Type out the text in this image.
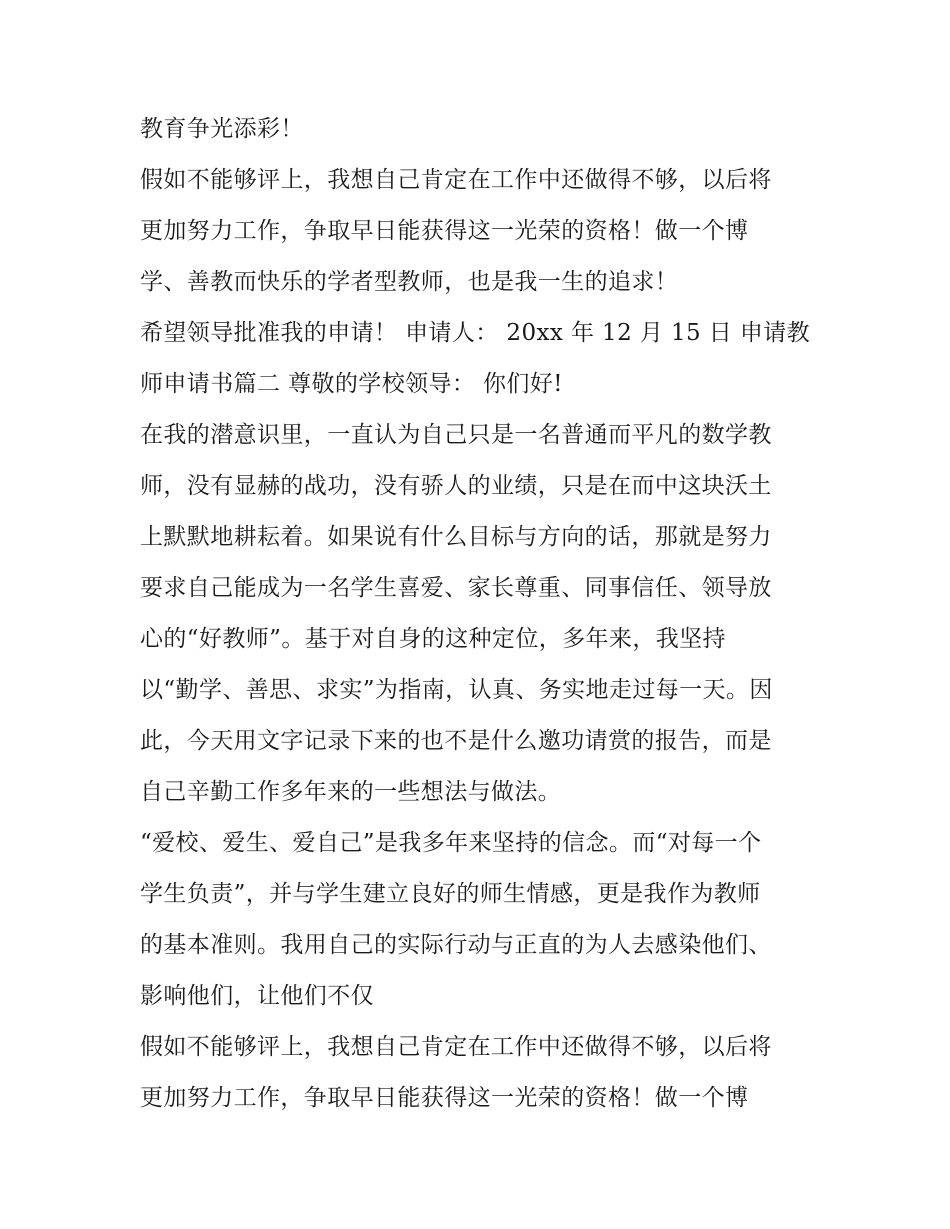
教育争光添彩！
假如不能够评上，我想自己肯定在工作中还做得不够，以后将
更加努力工作，争取早日能获得这一光荣的资格！做一个博
学、善教而快乐的学者型教师，也是我一生的追求！
希望领导批准我的申请！ 申请人： 20xx 年 12 月 15 日 申请教
师申请书篇二 尊敬的学校领导： 你们好!
在我的潜意识里，一直认为自己只是一名普通而平凡的数学教
师，没有显赫的战功，没有骄人的业绩，只是在而中这块沃土
上默默地耕耘着。如果说有什么目标与方向的话，那就是努力
要求自己能成为一名学生喜爱、家长尊重、同事信任、领导放
心的“好教师”。基于对自身的这种定位，多年来，我坚持
以“勤学、善思、求实”为指南，认真、务实地走过每一天。因
此，今天用文字记录下来的也不是什么邀功请赏的报告，而是
自己辛勤工作多年来的一些想法与做法。
“爱校、爱生、爱自己”是我多年来坚持的信念。而“对每一个
学生负责”，并与学生建立良好的师生情感，更是我作为教师
的基本准则。我用自己的实际行动与正直的为人去感染他们、
影响他们，让他们不仅
假如不能够评上，我想自己肯定在工作中还做得不够，以后将
更加努力工作，争取早日能获得这一光荣的资格！做一个博
